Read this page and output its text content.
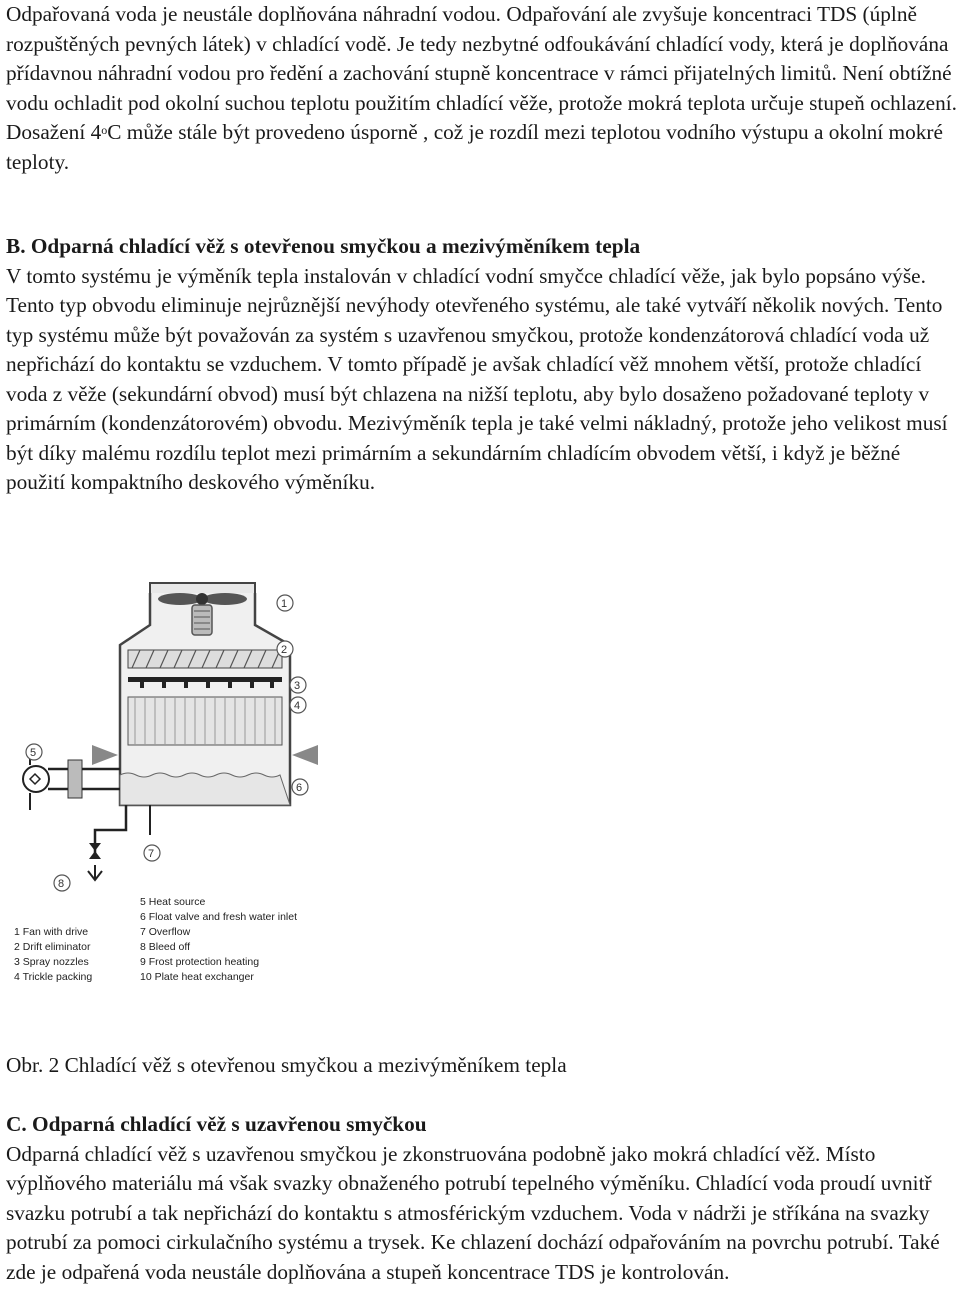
Odpařovaná voda je neustále doplňována náhradní vodou. Odpařování ale zvyšuje koncentraci TDS (úplně rozpuštěných pevných látek) v chladící vodě. Je tedy nezbytné odfoukávání chladící vody, která je doplňována přídavnou náhradní vodou pro ředění a zachování stupně koncentrace v rámci přijatelných limitů. Není obtížné vodu ochladit pod okolní suchou teplotu použitím chladící věže, protože mokrá teplota určuje stupeň ochlazení. Dosažení 4$^o$C může stále být provedeno úsporně , což je rozdíl mezi teplotou vodního výstupu a okolní mokré teploty.

B. Odparná chladící věž s otevřenou smyčkou a mezivýměníkem tepla
V tomto systému je výměník tepla instalován v chladící vodní smyčce chladící věže, jak bylo popsáno výše. Tento typ obvodu eliminuje nejrůznější nevýhody otevřeného systému, ale také vytváří několik nových. Tento typ systému může být považován za systém s uzavřenou smyčkou, protože kondenzátorová chladící voda už nepřichází do kontaktu se vzduchem. V tomto případě je avšak chladící věž mnohem větší, protože chladící voda z věže (sekundární obvod) musí být chlazena na nižší teplotu, aby bylo dosaženo požadované teploty v primárním (kondenzátorovém) obvodu. Mezivýměník tepla je také velmi nákladný, protože jeho velikost musí být díky malému rozdílu teplot mezi primárním a sekundárním chladícím obvodem větší, i když je běžné použití kompaktního deskového výměníku.
1
2
3
4
5
6
7
8
1 Fan with drive
2 Drift eliminator
3 Spray nozzles
4 Trickle packing
5 Heat source
6 Float valve and fresh water inlet
7 Overflow
8 Bleed off
9 Frost protection heating
10 Plate heat exchanger
Obr. 2 Chladící věž s otevřenou smyčkou a mezivýměníkem tepla
C. Odparná chladící věž s uzavřenou smyčkou
Odparná chladící věž s uzavřenou smyčkou je zkonstruována podobně jako mokrá chladící věž. Místo výplňového materiálu má však svazky obnaženého potrubí tepelného výměníku. Chladící voda proudí uvnitř svazku potrubí a tak nepřichází do kontaktu s atmosférickým vzduchem. Voda v nádrži je stříkána na svazky potrubí za pomoci cirkulačního systému a trysek. Ke chlazení dochází odpařováním na povrchu potrubí. Také zde je odpařená voda neustále doplňována a stupeň koncentrace TDS je kontrolován.
